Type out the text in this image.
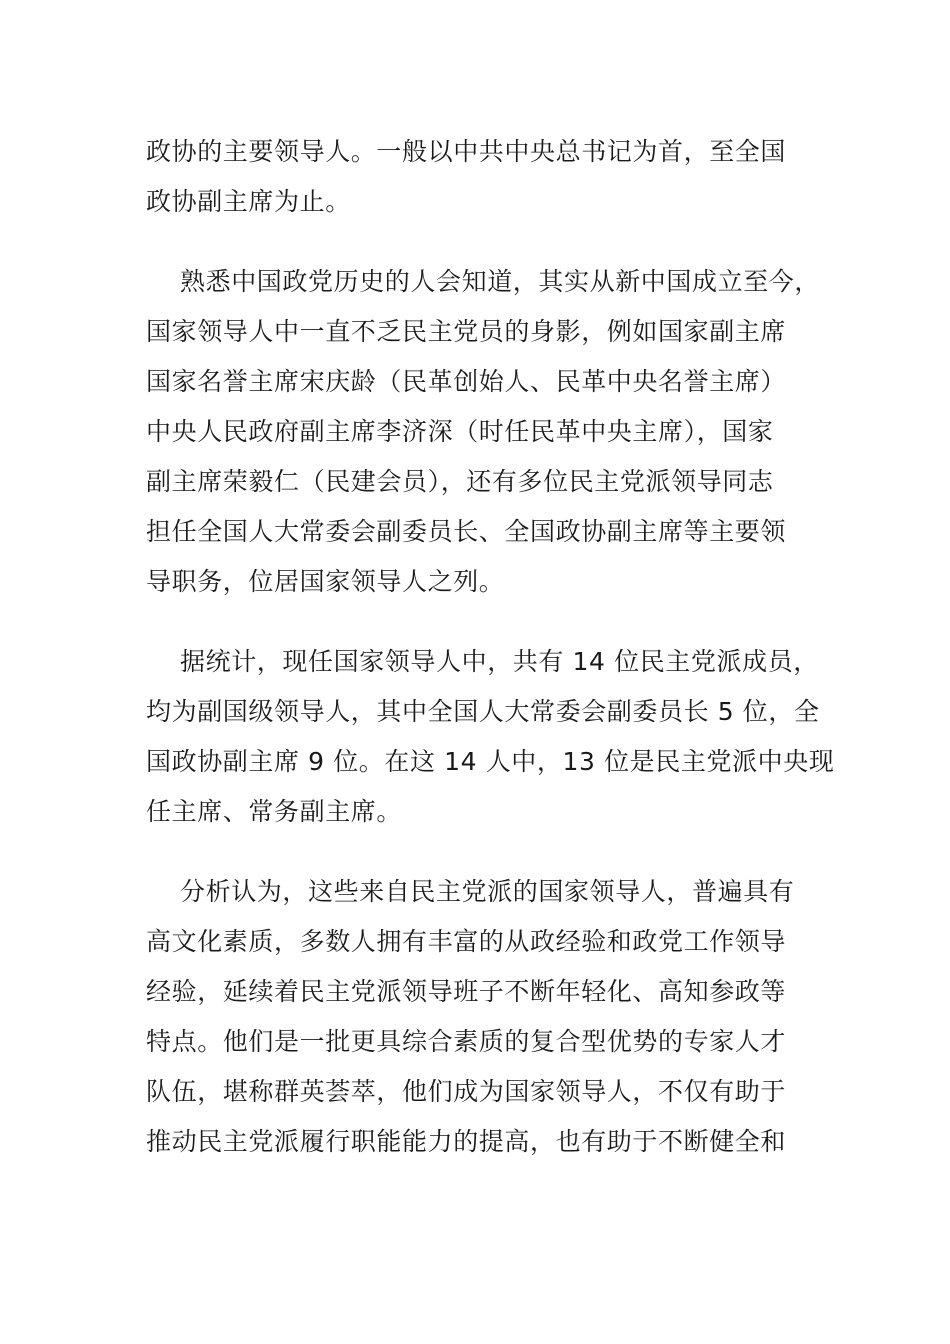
政协的主要领导人。一般以中共中央总书记为首，至全国
政协副主席为止。
熟悉中国政党历史的人会知道，其实从新中国成立至今，
国家领导人中一直不乏民主党员的身影，例如国家副主席
国家名誉主席宋庆龄（民革创始人、民革中央名誉主席）
中央人民政府副主席李济深（时任民革中央主席），国家
副主席荣毅仁（民建会员），还有多位民主党派领导同志
担任全国人大常委会副委员长、全国政协副主席等主要领
导职务，位居国家领导人之列。
据统计，现任国家领导人中，共有 14 位民主党派成员，
均为副国级领导人，其中全国人大常委会副委员长 5 位，全
国政协副主席 9 位。在这 14 人中，13 位是民主党派中央现
任主席、常务副主席。
分析认为，这些来自民主党派的国家领导人，普遍具有
高文化素质，多数人拥有丰富的从政经验和政党工作领导
经验，延续着民主党派领导班子不断年轻化、高知参政等
特点。他们是一批更具综合素质的复合型优势的专家人才
队伍，堪称群英荟萃，他们成为国家领导人，不仅有助于
推动民主党派履行职能能力的提高，也有助于不断健全和
